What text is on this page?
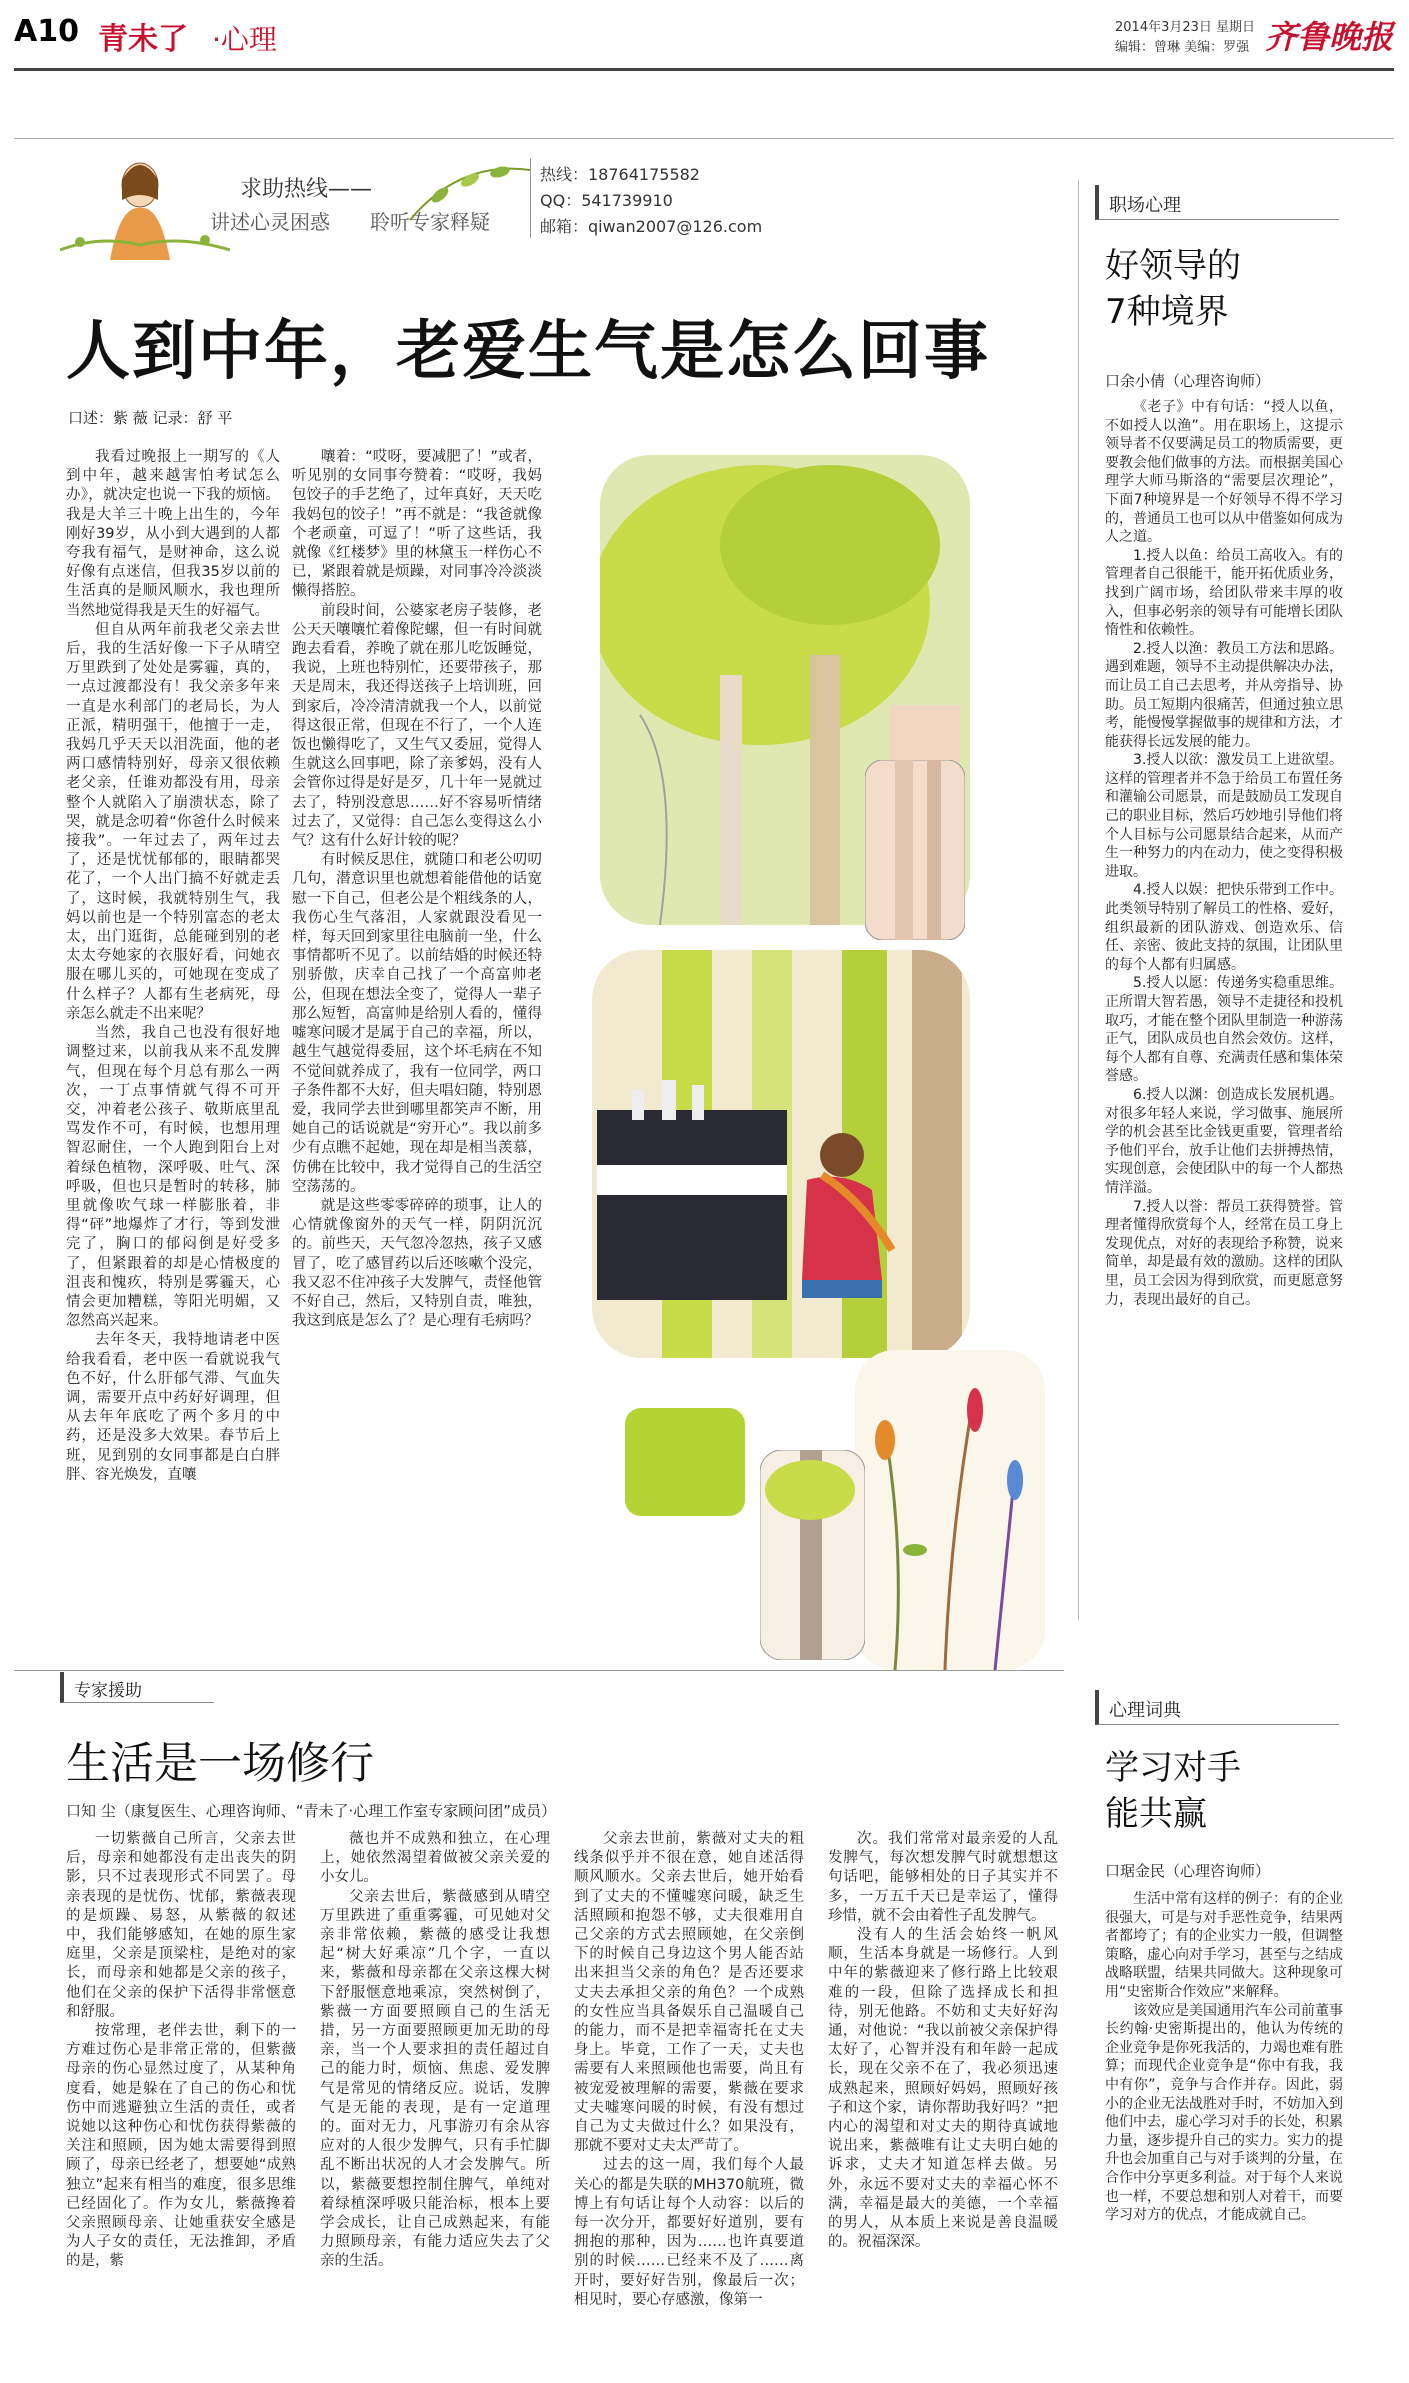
A10 青未了 ·心理	2014年3月23日 星期日
编辑：曾琳 美编：罗强 齐鲁晚报
求助热线——
讲述心灵困惑 聆听专家释疑
热线：18764175582
QQ：541739910
邮箱：qiwan2007@126.com
人到中年，老爱生气是怎么回事
口述：紫 薇 记录：舒 平

我看过晚报上一期写的《人到中年，越来越害怕考试怎么办》，就决定也说一下我的烦恼。我是大羊三十晚上出生的，今年刚好39岁，从小到大遇到的人都夸我有福气，是财神命，这么说好像有点迷信，但我35岁以前的生活真的是顺风顺水，我也理所当然地觉得我是天生的好福气。

但自从两年前我老父亲去世后，我的生活好像一下子从晴空万里跌到了处处是雾霾，真的，一点过渡都没有！我父亲多年来一直是水利部门的老局长，为人正派，精明强干，他擅于一走，我妈几乎天天以泪洗面，他的老两口感情特别好，母亲又很依赖老父亲，任谁劝都没有用，母亲整个人就陷入了崩溃状态，除了哭，就是念叨着“你爸什么时候来接我”。一年过去了，两年过去了，还是忧忧郁郁的，眼睛都哭花了，一个人出门搞不好就走丢了，这时候，我就特别生气，我妈以前也是一个特别富态的老太太，出门逛街，总能碰到别的老太太夸她家的衣服好看，问她衣服在哪儿买的，可她现在变成了什么样子？人都有生老病死，母亲怎么就走不出来呢？

当然，我自己也没有很好地调整过来，以前我从来不乱发脾气，但现在每个月总有那么一两次，一丁点事情就气得不可开交，冲着老公孩子、敬斯底里乱骂发作不可，有时候，也想用理智忍耐住，一个人跑到阳台上对着绿色植物，深呼吸、吐气、深呼吸，但也只是暂时的转移，肺里就像吹气球一样膨胀着，非得“砰”地爆炸了才行，等到发泄完了，胸口的郁闷倒是好受多了，但紧跟着的却是心情极度的沮丧和愧疚，特别是雾霾天，心情会更加糟糕，等阳光明媚，又忽然高兴起来。

去年冬天，我特地请老中医给我看看，老中医一看就说我气色不好，什么肝郁气滞、气血失调，需要开点中药好好调理，但从去年年底吃了两个多月的中药，还是没多大效果。春节后上班，见到别的女同事都是白白胖胖、容光焕发，直嚷

嚷着：“哎呀，要减肥了！”或者，听见别的女同事夸赞着：“哎呀，我妈包饺子的手艺绝了，过年真好，天天吃我妈包的饺子！”再不就是：“我爸就像个老顽童，可逗了！”听了这些话，我就像《红楼梦》里的林黛玉一样伤心不已，紧跟着就是烦躁，对同事冷冷淡淡懒得搭腔。

前段时间，公婆家老房子装修，老公天天嚷嚷忙着像陀螺，但一有时间就跑去看看，养晚了就在那儿吃饭睡觉，我说，上班也特别忙，还要带孩子，那天是周末，我还得送孩子上培训班，回到家后，冷冷清清就我一个人，以前觉得这很正常，但现在不行了，一个人连饭也懒得吃了，又生气又委屈，觉得人生就这么回事吧，除了亲爹妈，没有人会管你过得是好是歹，几十年一晃就过去了，特别没意思……好不容易听情绪过去了，又觉得：自己怎么变得这么小气？这有什么好计较的呢？

有时候反思住，就随口和老公叨叨几句，潜意识里也就想着能借他的话宽慰一下自己，但老公是个粗线条的人，我伤心生气落泪，人家就跟没看见一样，每天回到家里往电脑前一坐，什么事情都听不见了。以前结婚的时候还特别骄傲，庆幸自己找了一个高富帅老公，但现在想法全变了，觉得人一辈子那么短暂，高富帅是给别人看的，懂得嘘寒问暖才是属于自己的幸福，所以，越生气越觉得委屈，这个坏毛病在不知不觉间就养成了，我有一位同学，两口子条件都不大好，但夫唱妇随，特别恩爱，我同学去世到哪里都笑声不断，用她自己的话说就是“穷开心”。我以前多少有点瞧不起她，现在却是相当羡慕，仿佛在比较中，我才觉得自己的生活空空荡荡的。

就是这些零零碎碎的琐事，让人的心情就像窗外的天气一样，阴阴沉沉的。前些天，天气忽冷忽热，孩子又感冒了，吃了感冒药以后还咳嗽个没完，我又忍不住冲孩子大发脾气，责怪他管不好自己，然后，又特别自责，唯独，我这到底是怎么了？是心理有毛病吗？

职场心理
好领导的
7种境界
口余小倩（心理咨询师）

《老子》中有句话：“授人以鱼，不如授人以渔”。用在职场上，这提示领导者不仅要满足员工的物质需要，更要教会他们做事的方法。而根据美国心理学大师马斯洛的“需要层次理论”，下面7种境界是一个好领导不得不学习的，普通员工也可以从中借鉴如何成为人之道。

1.授人以鱼：给员工高收入。有的管理者自己很能干，能开拓优质业务，找到广阔市场，给团队带来丰厚的收入，但事必躬亲的领导有可能增长团队惰性和依赖性。

2.授人以渔：教员工方法和思路。遇到难题，领导不主动提供解决办法，而让员工自己去思考，并从旁指导、协助。员工短期内很痛苦，但通过独立思考，能慢慢掌握做事的规律和方法，才能获得长远发展的能力。

3.授人以欲：激发员工上进欲望。这样的管理者并不急于给员工布置任务和灌输公司愿景，而是鼓励员工发现自己的职业目标，然后巧妙地引导他们将个人目标与公司愿景结合起来，从而产生一种努力的内在动力，使之变得积极进取。

4.授人以娱：把快乐带到工作中。此类领导特别了解员工的性格、爱好，组织最新的团队游戏、创造欢乐、信任、亲密、彼此支持的氛围，让团队里的每个人都有归属感。

5.授人以愿：传递务实稳重思维。正所谓大智若愚，领导不走捷径和投机取巧，才能在整个团队里制造一种游荡正气，团队成员也自然会效仿。这样，每个人都有自尊、充满责任感和集体荣誉感。

6.授人以渊：创造成长发展机遇。对很多年轻人来说，学习做事、施展所学的机会甚至比金钱更重要，管理者给予他们平台，放手让他们去拼搏热情，实现创意，会使团队中的每一个人都热情洋溢。

7.授人以誉：帮员工获得赞誉。管理者懂得欣赏每个人，经常在员工身上发现优点，对好的表现给予称赞，说来简单，却是最有效的激励。这样的团队里，员工会因为得到欣赏，而更愿意努力，表现出最好的自己。

专家援助
生活是一场修行
口知 尘（康复医生、心理咨询师、“青未了·心理工作室专家顾问团”成员）

一切紫薇自己所言，父亲去世后，母亲和她都没有走出丧失的阴影，只不过表现形式不同罢了。母亲表现的是忧伤、忧郁，紫薇表现的是烦躁、易怒，从紫薇的叙述中，我们能够感知，在她的原生家庭里，父亲是顶梁柱，是绝对的家长，而母亲和她都是父亲的孩子，他们在父亲的保护下活得非常惬意和舒服。

按常理，老伴去世，剩下的一方难过伤心是非常正常的，但紫薇母亲的伤心显然过度了，从某种角度看，她是躲在了自己的伤心和忧伤中而逃避独立生活的责任，或者说她以这种伤心和忧伤获得紫薇的关注和照顾，因为她太需要得到照顾了，母亲已经老了，想要她“成熟独立”起来有相当的难度，很多思维已经固化了。作为女儿，紫薇搀着父亲照顾母亲、让她重获安全感是为人子女的责任，无法推卸，矛盾的是，紫

薇也并不成熟和独立，在心理上，她依然渴望着做被父亲关爱的小女儿。

父亲去世后，紫薇感到从晴空万里跌进了重重雾霾，可见她对父亲非常依赖，紫薇的感受让我想起“树大好乘凉”几个字，一直以来，紫薇和母亲都在父亲这棵大树下舒服惬意地乘凉，突然树倒了，紫薇一方面要照顾自己的生活无措，另一方面要照顾更加无助的母亲，当一个人要求担的责任超过自己的能力时，烦恼、焦虑、爱发脾气是常见的情绪反应。说话，发脾气是无能的表现，是有一定道理的。面对无力，凡事游刃有余从容应对的人很少发脾气，只有手忙脚乱不断出状况的人才会发脾气。所以，紫薇要想控制住脾气，单纯对着绿植深呼吸只能治标，根本上要学会成长，让自己成熟起来，有能力照顾母亲，有能力适应失去了父亲的生活。

父亲去世前，紫薇对丈夫的粗线条似乎并不很在意，她自述活得顺风顺水。父亲去世后，她开始看到了丈夫的不懂嘘寒问暖，缺乏生活照顾和抱怨不够，丈夫很难用自己父亲的方式去照顾她，在父亲倒下的时候自己身边这个男人能否站出来担当父亲的角色？是否还要求丈夫去承担父亲的角色？一个成熟的女性应当具备娱乐自己温暖自己的能力，而不是把幸福寄托在丈夫身上。毕竟，工作了一天，丈夫也需要有人来照顾他也需要，尚且有被宠爱被理解的需要，紫薇在要求丈夫嘘寒问暖的时候，有没有想过自己为丈夫做过什么？如果没有，那就不要对丈夫太严苛了。

过去的这一周，我们每个人最关心的都是失联的MH370航班，微博上有句话让每个人动容：以后的每一次分开，都要好好道别，要有拥抱的那种，因为……也许真要道别的时候……已经来不及了……离开时，要好好告别，像最后一次；相见时，要心存感激，像第一

次。我们常常对最亲爱的人乱发脾气，每次想发脾气时就想想这句话吧，能够相处的日子其实并不多，一万五千天已是幸运了，懂得珍惜，就不会由着性子乱发脾气。

没有人的生活会始终一帆风顺，生活本身就是一场修行。人到中年的紫薇迎来了修行路上比较艰难的一段，但除了选择成长和担待，别无他路。不妨和丈夫好好沟通，对他说：“我以前被父亲保护得太好了，心智并没有和年龄一起成长，现在父亲不在了，我必须迅速成熟起来，照顾好妈妈，照顾好孩子和这个家，请你帮助我好吗？”把内心的渴望和对丈夫的期待真诚地说出来，紫薇唯有让丈夫明白她的诉求，丈夫才知道怎样去做。另外，永远不要对丈夫的幸福心怀不满，幸福是最大的美德，一个幸福的男人，从本质上来说是善良温暖的。祝福深深。

心理词典
学习对手
能共赢
口琚金民（心理咨询师）

生活中常有这样的例子：有的企业很强大，可是与对手恶性竞争，结果两者都垮了；有的企业实力一般，但调整策略，虚心向对手学习，甚至与之结成战略联盟，结果共同做大。这种现象可用“史密斯合作效应”来解释。

该效应是美国通用汽车公司前董事长约翰·史密斯提出的，他认为传统的企业竞争是你死我活的，力竭也难有胜算；而现代企业竞争是“你中有我，我中有你”，竞争与合作并存。因此，弱小的企业无法战胜对手时，不妨加入到他们中去，虚心学习对手的长处，积累力量，逐步提升自己的实力。实力的提升也会加重自己与对手谈判的分量，在合作中分享更多利益。对于每个人来说也一样，不要总想和别人对着干，而要学习对方的优点，才能成就自己。
